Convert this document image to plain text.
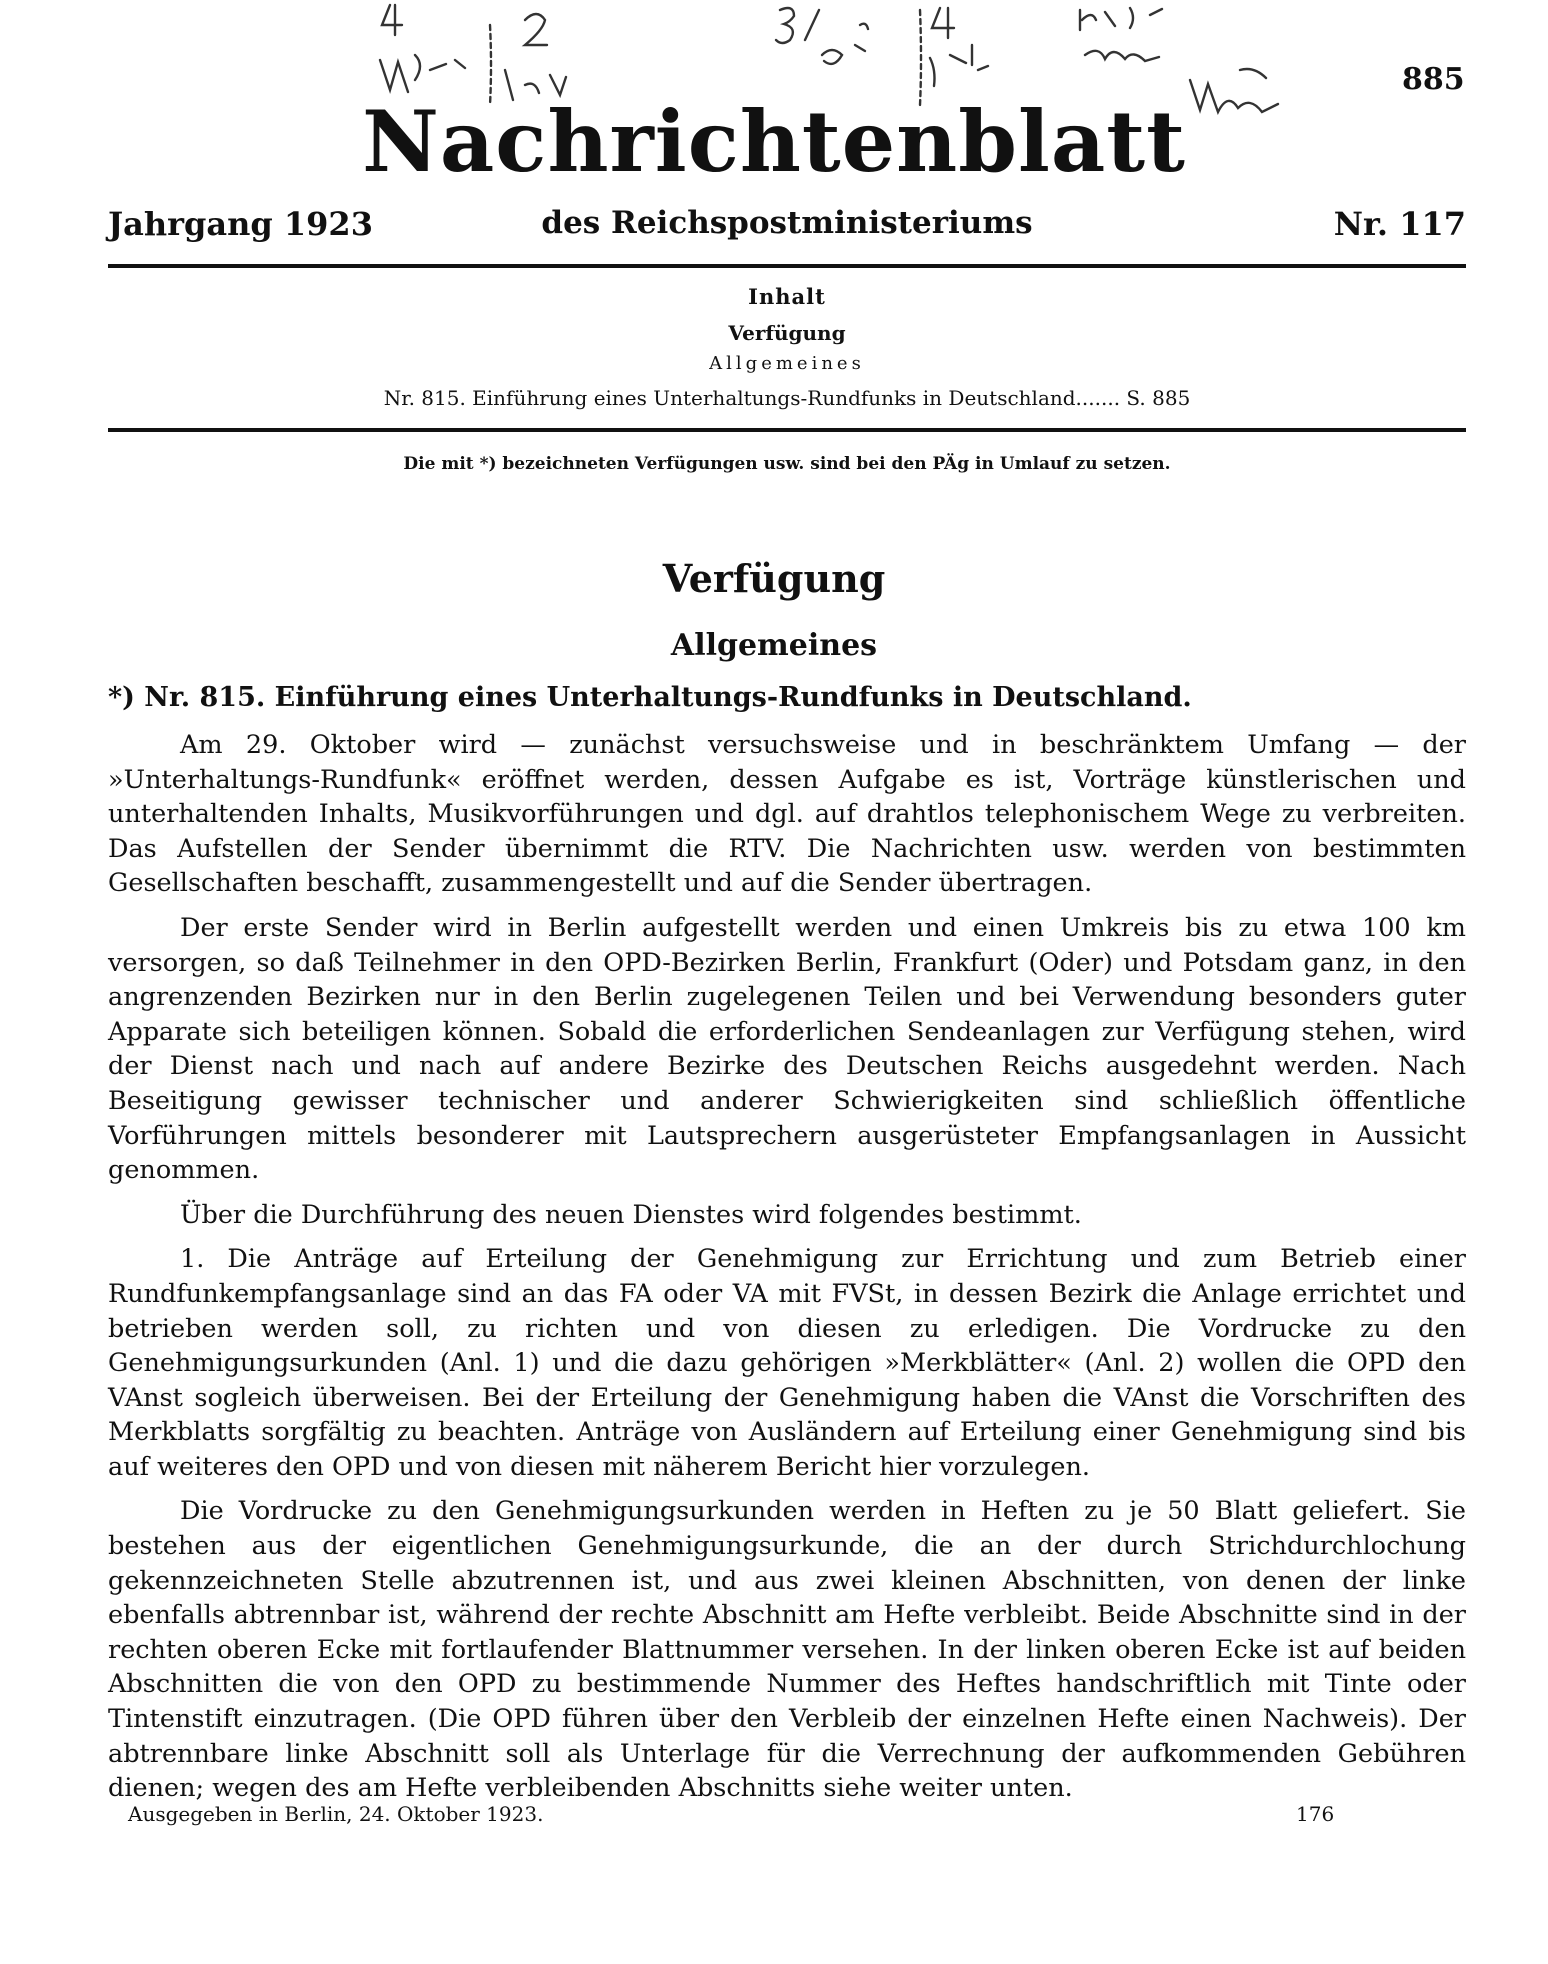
885
Nachrichtenblatt
Jahrgang 1923	des Reichspostministeriums	Nr. 117
Inhalt
Verfügung
Allgemeines
Nr. 815. Einführung eines Unterhaltungs-Rundfunks in Deutschland....... S. 885
Die mit *) bezeichneten Verfügungen usw. sind bei den PÄg in Umlauf zu setzen.
Verfügung
Allgemeines
*) Nr. 815. Einführung eines Unterhaltungs-Rundfunks in Deutschland.

Am 29. Oktober wird — zunächst versuchsweise und in beschränktem Umfang — der »Unterhaltungs-Rundfunk« eröffnet werden, dessen Aufgabe es ist, Vorträge künstlerischen und unterhaltenden Inhalts, Musikvorführungen und dgl. auf drahtlos telephonischem Wege zu verbreiten. Das Aufstellen der Sender übernimmt die RTV. Die Nachrichten usw. werden von bestimmten Gesellschaften beschafft, zusammengestellt und auf die Sender übertragen.

Der erste Sender wird in Berlin aufgestellt werden und einen Umkreis bis zu etwa 100 km versorgen, so daß Teilnehmer in den OPD-Bezirken Berlin, Frankfurt (Oder) und Potsdam ganz, in den angrenzenden Bezirken nur in den Berlin zugelegenen Teilen und bei Verwendung besonders guter Apparate sich beteiligen können. Sobald die erforderlichen Sendeanlagen zur Verfügung stehen, wird der Dienst nach und nach auf andere Bezirke des Deutschen Reichs ausgedehnt werden. Nach Beseitigung gewisser technischer und anderer Schwierigkeiten sind schließlich öffentliche Vorführungen mittels besonderer mit Lautsprechern ausgerüsteter Empfangsanlagen in Aussicht genommen.

Über die Durchführung des neuen Dienstes wird folgendes bestimmt.

1. Die Anträge auf Erteilung der Genehmigung zur Errichtung und zum Betrieb einer Rundfunkempfangsanlage sind an das FA oder VA mit FVSt, in dessen Bezirk die Anlage errichtet und betrieben werden soll, zu richten und von diesen zu erledigen. Die Vordrucke zu den Genehmigungsurkunden (Anl. 1) und die dazu gehörigen »Merkblätter« (Anl. 2) wollen die OPD den VAnst sogleich überweisen. Bei der Erteilung der Genehmigung haben die VAnst die Vorschriften des Merkblatts sorgfältig zu beachten. Anträge von Ausländern auf Erteilung einer Genehmigung sind bis auf weiteres den OPD und von diesen mit näherem Bericht hier vorzulegen.

Die Vordrucke zu den Genehmigungsurkunden werden in Heften zu je 50 Blatt geliefert. Sie bestehen aus der eigentlichen Genehmigungsurkunde, die an der durch Strichdurchlochung gekennzeichneten Stelle abzutrennen ist, und aus zwei kleinen Abschnitten, von denen der linke ebenfalls abtrennbar ist, während der rechte Abschnitt am Hefte verbleibt. Beide Abschnitte sind in der rechten oberen Ecke mit fortlaufender Blattnummer versehen. In der linken oberen Ecke ist auf beiden Abschnitten die von den OPD zu bestimmende Nummer des Heftes handschriftlich mit Tinte oder Tintenstift einzutragen. (Die OPD führen über den Verbleib der einzelnen Hefte einen Nachweis). Der abtrennbare linke Abschnitt soll als Unterlage für die Verrechnung der aufkommenden Gebühren dienen; wegen des am Hefte verbleibenden Abschnitts siehe weiter unten.

Ausgegeben in Berlin, 24. Oktober 1923.	176
